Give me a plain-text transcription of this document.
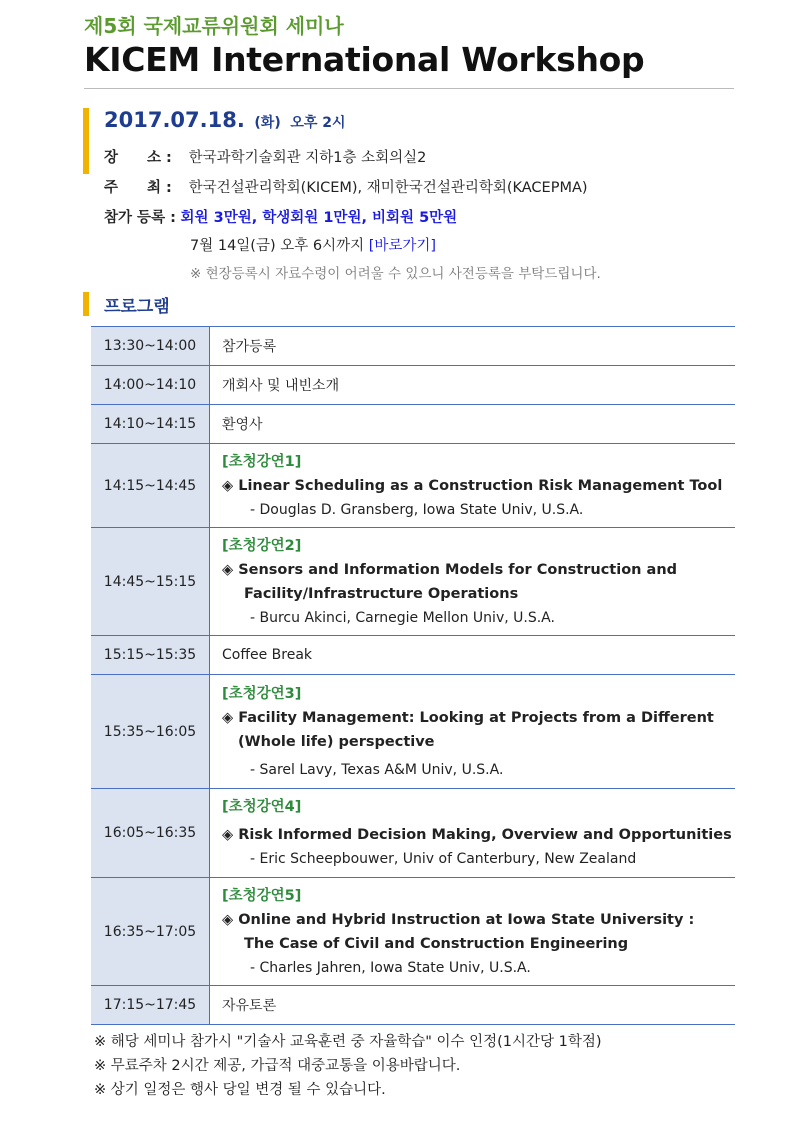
제5회 국제교류위원회 세미나
KICEM International Workshop
2017.07.18. (화) 오후 2시
장　　소 : 한국과학기술회관 지하1층 소회의실2
주　　최 : 한국건설관리학회(KICEM), 재미한국건설관리학회(KACEPMA)
참가 등록 : 회원 3만원, 학생회원 1만원, 비회원 5만원
7월 14일(금) 오후 6시까지 [바로가기]
※ 현장등록시 자료수령이 어려울 수 있으니 사전등록을 부탁드립니다.
프로그램
13:30~14:00	참가등록
14:00~14:10	개회사 및 내빈소개
14:10~14:15	환영사
14:15~14:45	[초청강연1]
◈ Linear Scheduling as a Construction Risk Management Tool
- Douglas D. Gransberg, Iowa State Univ, U.S.A.

14:45~15:15	[초청강연2]
◈ Sensors and Information Models for Construction and
Facility/Infrastructure Operations
- Burcu Akinci, Carnegie Mellon Univ, U.S.A.

15:15~15:35	Coffee Break
15:35~16:05	[초청강연3]
◈ Facility Management: Looking at Projects from a Different
(Whole life) perspective
- Sarel Lavy, Texas A&M Univ, U.S.A.

16:05~16:35	[초청강연4]
◈ Risk Informed Decision Making, Overview and Opportunities
- Eric Scheepbouwer, Univ of Canterbury, New Zealand

16:35~17:05	[초청강연5]
◈ Online and Hybrid Instruction at Iowa State University :
The Case of Civil and Construction Engineering
- Charles Jahren, Iowa State Univ, U.S.A.

17:15~17:45	자유토론
※ 해당 세미나 참가시 "기술사 교육훈련 중 자율학습" 이수 인정(1시간당 1학점)
※ 무료주차 2시간 제공, 가급적 대중교통을 이용바랍니다.
※ 상기 일정은 행사 당일 변경 될 수 있습니다.
